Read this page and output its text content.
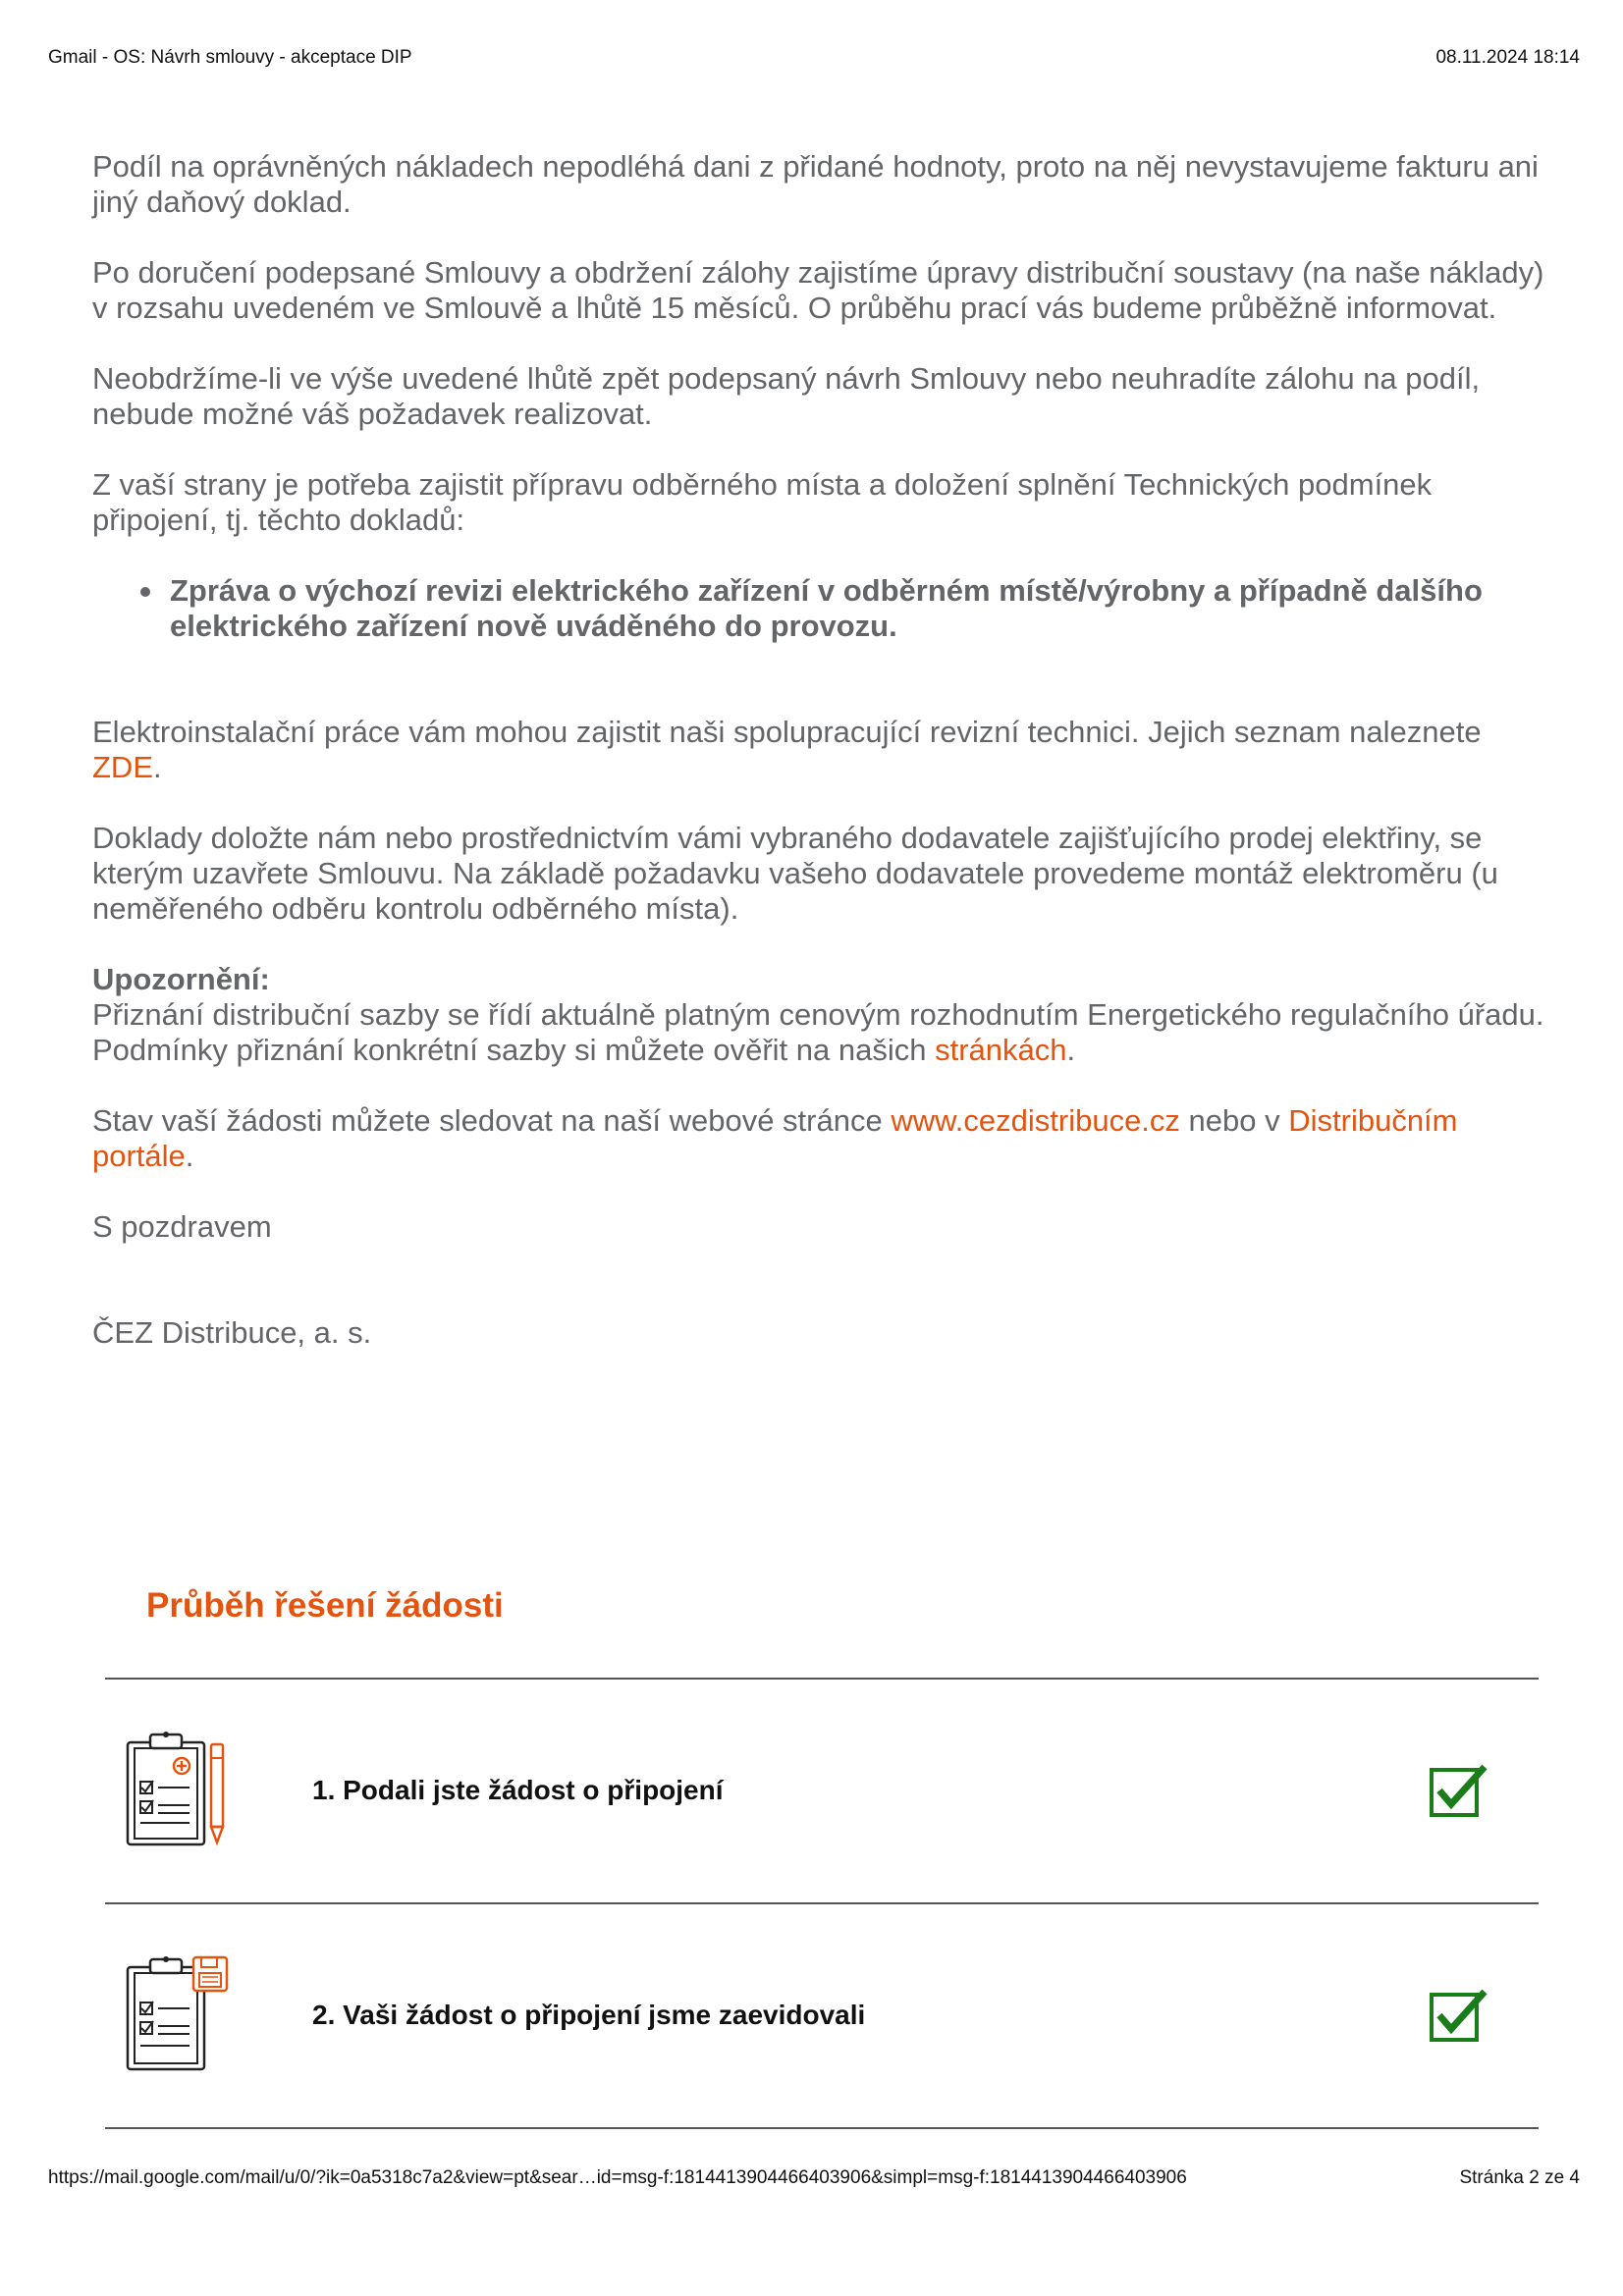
Gmail - OS: Návrh smlouvy - akceptace DIP	08.11.2024 18:14

Podíl na oprávněných nákladech nepodléhá dani z přidané hodnoty, proto na něj nevystavujeme fakturu ani jiný daňový doklad.

Po doručení podepsané Smlouvy a obdržení zálohy zajistíme úpravy distribuční soustavy (na naše náklady) v rozsahu uvedeném ve Smlouvě a lhůtě 15 měsíců. O průběhu prací vás budeme průběžně informovat.

Neobdržíme-li ve výše uvedené lhůtě zpět podepsaný návrh Smlouvy nebo neuhradíte zálohu na podíl, nebude možné váš požadavek realizovat.

Z vaší strany je potřeba zajistit přípravu odběrného místa a doložení splnění Technických podmínek připojení, tj. těchto dokladů:

Zpráva o výchozí revizi elektrického zařízení v odběrném místě/výrobny a případně dalšího elektrického zařízení nově uváděného do provozu.

Elektroinstalační práce vám mohou zajistit naši spolupracující revizní technici. Jejich seznam naleznete ZDE.

Doklady doložte nám nebo prostřednictvím vámi vybraného dodavatele zajišťujícího prodej elektřiny, se kterým uzavřete Smlouvu. Na základě požadavku vašeho dodavatele provedeme montáž elektroměru (u neměřeného odběru kontrolu odběrného místa).

Upozornění:
Přiznání distribuční sazby se řídí aktuálně platným cenovým rozhodnutím Energetického regulačního úřadu. Podmínky přiznání konkrétní sazby si můžete ověřit na našich stránkách.

Stav vaší žádosti můžete sledovat na naší webové stránce www.cezdistribuce.cz nebo v Distribučním portále.

S pozdravem

ČEZ Distribuce, a. s.

Průběh řešení žádosti
1. Podali jste žádost o připojení
2. Vaši žádost o připojení jsme zaevidovali
https://mail.google.com/mail/u/0/?ik=0a5318c7a2&view=pt&sear…id=msg-f:1814413904466403906&simpl=msg-f:1814413904466403906	Stránka 2 ze 4
